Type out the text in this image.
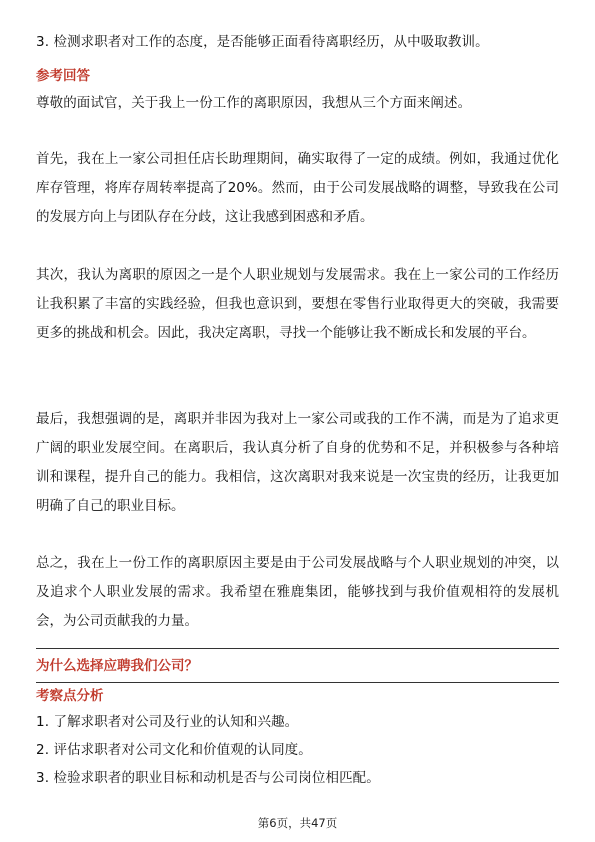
3. 检测求职者对工作的态度，是否能够正面看待离职经历，从中吸取教训。
参考回答
尊敬的面试官，关于我上一份工作的离职原因，我想从三个方面来阐述。
首先，我在上一家公司担任店长助理期间，确实取得了一定的成绩。例如，我通过优化库存管理，将库存周转率提高了20%。然而，由于公司发展战略的调整，导致我在公司的发展方向上与团队存在分歧，这让我感到困惑和矛盾。
其次，我认为离职的原因之一是个人职业规划与发展需求。我在上一家公司的工作经历让我积累了丰富的实践经验，但我也意识到，要想在零售行业取得更大的突破，我需要更多的挑战和机会。因此，我决定离职，寻找一个能够让我不断成长和发展的平台。
最后，我想强调的是，离职并非因为我对上一家公司或我的工作不满，而是为了追求更广阔的职业发展空间。在离职后，我认真分析了自身的优势和不足，并积极参与各种培训和课程，提升自己的能力。我相信，这次离职对我来说是一次宝贵的经历，让我更加明确了自己的职业目标。
总之，我在上一份工作的离职原因主要是由于公司发展战略与个人职业规划的冲突，以及追求个人职业发展的需求。我希望在雅鹿集团，能够找到与我价值观相符的发展机会，为公司贡献我的力量。
为什么选择应聘我们公司？
考察点分析
1. 了解求职者对公司及行业的认知和兴趣。
2. 评估求职者对公司文化和价值观的认同度。
3. 检验求职者的职业目标和动机是否与公司岗位相匹配。
第6页，共47页
